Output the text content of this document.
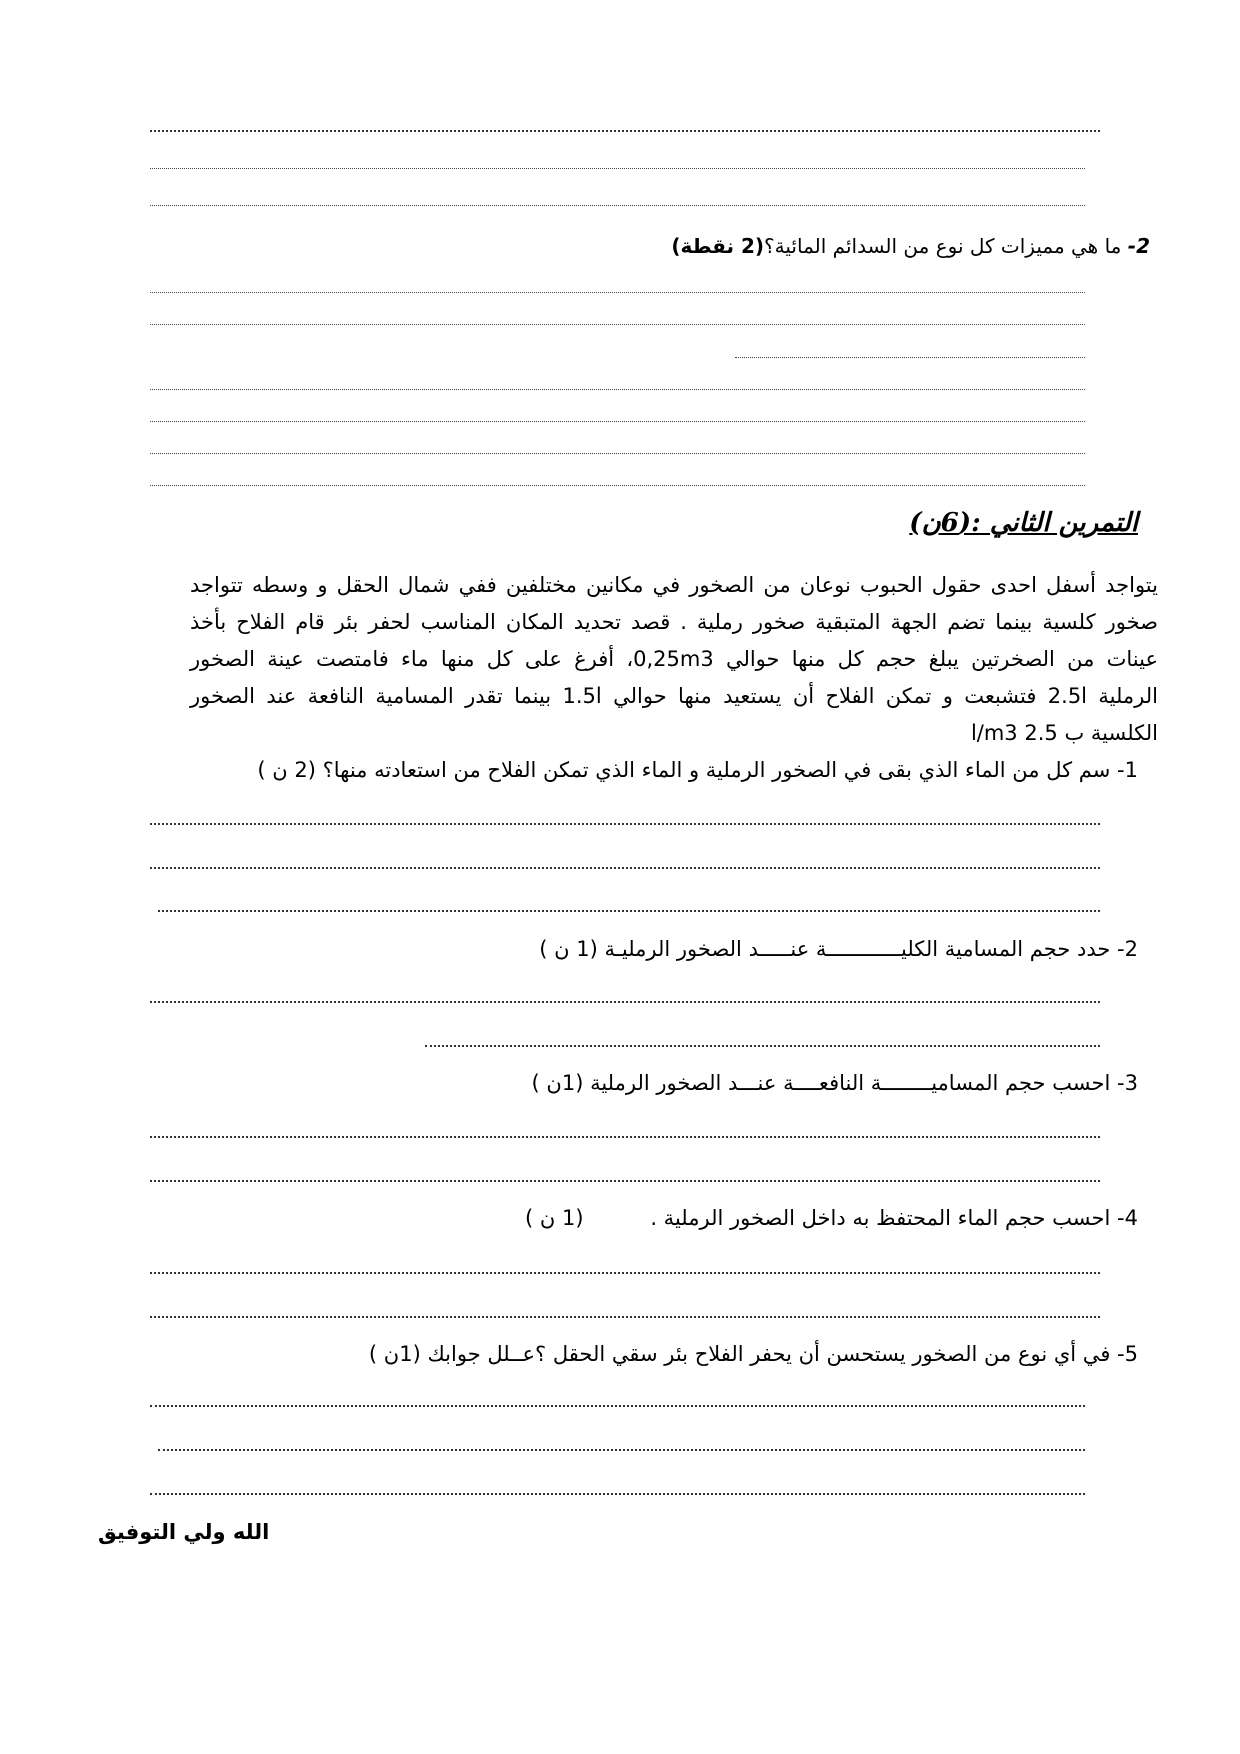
2- ما هي مميزات كل نوع من السدائم المائية؟(2 نقطة)
التمرين الثاني :(6ن)
يتواجد أسفل احدى حقول الحبوب نوعان من الصخور في مكانين مختلفين ففي شمال الحقل و وسطه تتواجد
صخور كلسية بينما تضم الجهة المتبقية صخور رملية . قصد تحديد المكان المناسب لحفر بئر قام الفلاح بأخذ
عينات من الصخرتين يبلغ حجم كل منها حوالي 0,25m3، أفرغ على كل منها ماء فامتصت عينة الصخور
الرملية 2.5l فتشبعت و تمكن الفلاح أن يستعيد منها حوالي 1.5l بينما تقدر المسامية النافعة عند الصخور
الكلسية ب 2.5 l/m3
1- سم كل من الماء الذي بقى في الصخور الرملية و الماء الذي تمكن الفلاح من استعادته منها؟ (2 ن )
2- حدد حجم المسامية الكليــــــــــــة عنـــــد الصخور الرمليـة (1 ن )
3- احسب حجم المساميــــــــة النافعــــة عنـــد الصخور الرملية (1ن )
4- احسب حجم الماء المحتفظ به داخل الصخور الرملية .          (1 ن )
5- في أي نوع من الصخور يستحسن أن يحفر الفلاح بئر سقي الحقل ؟عــلل جوابك (1ن )
الله ولي التوفيق
